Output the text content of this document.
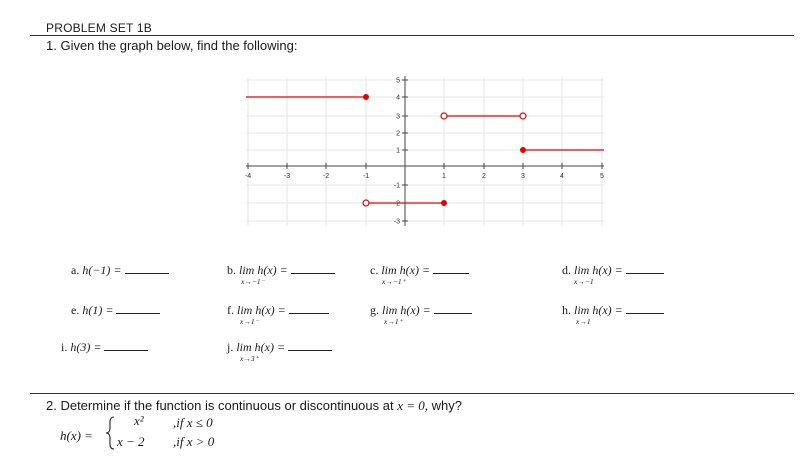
PROBLEM SET 1B
1. Given the graph below, find the following:
-4	-3	-2	-1	1	2	3	4	5
5
4
3
2
1
-1
-2
-3
a. h(−1) =	b. lim h(x) =
x→−1⁻
c. lim h(x) =
x→−1⁺
d. lim h(x) =
x→−1
e. h(1) =	f. lim h(x) =
x→1⁻
g. lim h(x) =
x→1⁺
h. lim h(x) =
x→1
i. h(3) =	j. lim h(x) =
x→3⁺
2. Determine if the function is continuous or discontinuous at x = 0, why?
h(x) =
x² ,if x ≤ 0
x − 2 ,if x > 0
